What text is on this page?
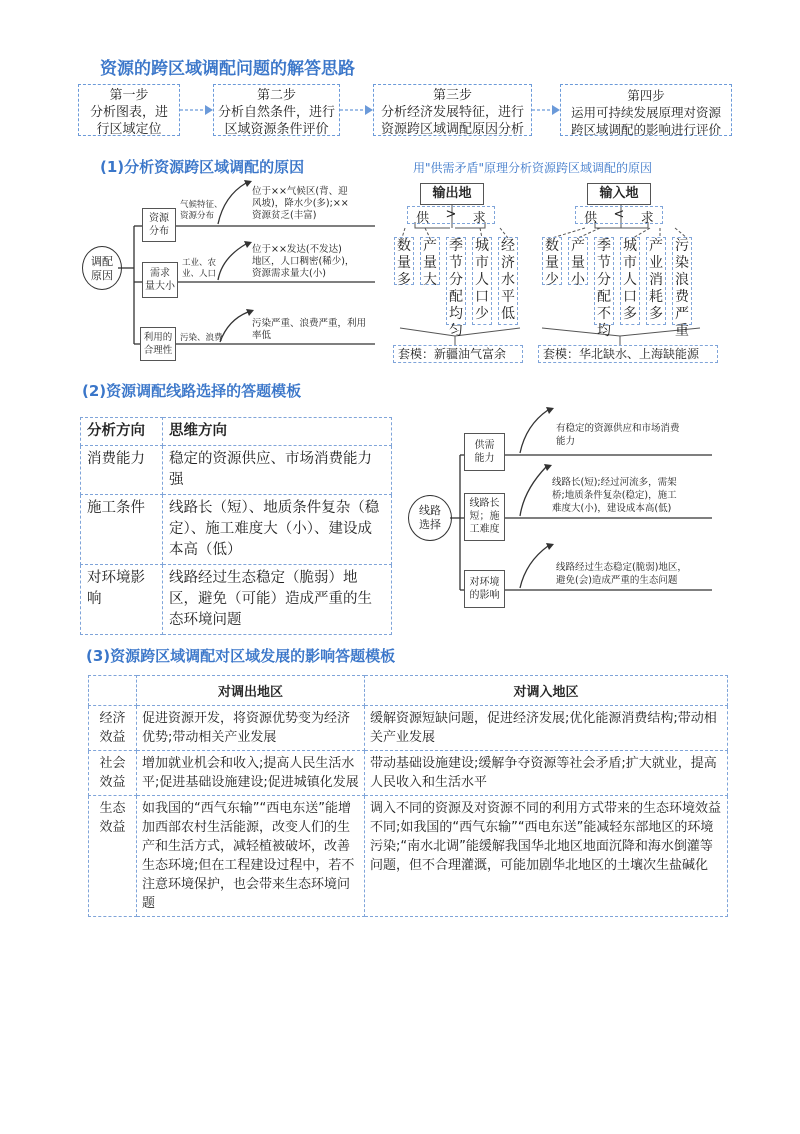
资源的跨区域调配问题的解答思路
第一步
分析图表，进
行区域定位
第二步
分析自然条件，进行
区域资源条件评价
第三步
分析经济发展特征，进行
资源跨区域调配原因分析
第四步
运用可持续发展原理对资源
跨区域调配的影响进行评价
(1)分析资源跨区域调配的原因
调配
原因
资源
分布
需求
量大小
利用的
合理性
气候特征、
资源分布
工业、农
业、人口
污染、浪费
位于××气候区(背、迎
风坡)，降水少(多);××
资源贫乏(丰富)
位于××发达(不发达)
地区，人口稠密(稀少)，
资源需求量大(小)
污染严重、浪费严重，利用
率低
用"供需矛盾"原理分析资源跨区域调配的原因
输出地
供 > 求
数量多
产量大
季节分配均匀
城市人口少
经济水平低
套模：新疆油气富余
输入地
供 < 求
数量少
产量小
季节分配不均
城市人口多
产业消耗多
污染浪费严重
套模：华北缺水、上海缺能源
(2)资源调配线路选择的答题模板
分析方向	思维方向
消费能力	稳定的资源供应、市场消费能力强
施工条件	线路长（短）、地质条件复杂（稳定）、施工难度大（小）、建设成本高（低）
对环境影响	线路经过生态稳定（脆弱）地区，避免（可能）造成严重的生态环境问题
线路
选择
供需
能力
线路长
短；施
工难度
对环境
的影响
有稳定的资源供应和市场消费
能力
线路长(短);经过河流多，需架
桥;地质条件复杂(稳定)，施工
难度大(小)，建设成本高(低)
线路经过生态稳定(脆弱)地区，
避免(会)造成严重的生态问题
(3)资源跨区域调配对区域发展的影响答题模板
	对调出地区	对调入地区
经济效益	促进资源开发，将资源优势变为经济优势;带动相关产业发展	缓解资源短缺问题，促进经济发展;优化能源消费结构;带动相关产业发展
社会效益	增加就业机会和收入;提高人民生活水平;促进基础设施建设;促进城镇化发展	带动基础设施建设;缓解争夺资源等社会矛盾;扩大就业，提高人民收入和生活水平
生态效益	如我国的“西气东输”“西电东送”能增加西部农村生活能源，改变人们的生产和生活方式，减轻植被破坏，改善生态环境;但在工程建设过程中，若不注意环境保护，也会带来生态环境问题	调入不同的资源及对资源不同的利用方式带来的生态环境效益不同;如我国的“西气东输”“西电东送”能减轻东部地区的环境污染;“南水北调”能缓解我国华北地区地面沉降和海水倒灌等问题，但不合理灌溉，可能加剧华北地区的土壤次生盐碱化
